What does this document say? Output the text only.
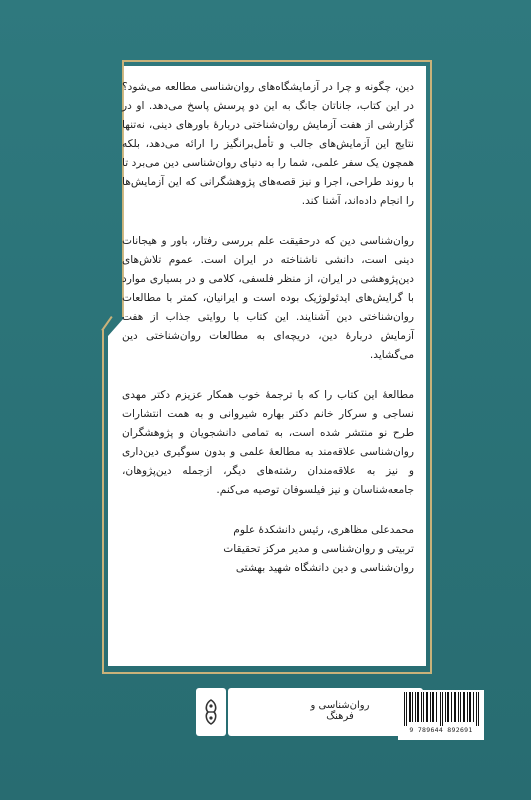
دین، چگونه و چرا در آزمایشگاه‌های روان‌شناسی مطالعه می‌شود؟ در این کتاب، جاناتان جانگ به این دو پرسش پاسخ می‌دهد. او در گزارشی از هفت آزمایش روان‌شناختی دربارهٔ باورهای دینی، نه‌تنها نتایج این آزمایش‌های جالب و تأمل‌برانگیز را ارائه می‌دهد، بلکه همچون یک سفر علمی، شما را به دنیای روان‌شناسی دین می‌برد تا با روند طراحی، اجرا و نیز قصه‌های پژوهشگرانی که این آزمایش‌ها را انجام داده‌اند، آشنا کند.

روان‌شناسی دین که درحقیقت علم بررسی رفتار، باور و هیجانات دینی است، دانشی ناشناخته در ایران است. عموم تلاش‌های دین‌پژوهشی در ایران، از منظر فلسفی، کلامی و در بسیاری موارد با گرایش‌های ایدئولوژیک بوده است و ایرانیان، کمتر با مطالعات روان‌شناختی دین آشنایند. این کتاب با روایتی جذاب از هفت آزمایش دربارهٔ دین، دریچه‌ای به مطالعات روان‌شناختی دین می‌گشاید.

مطالعهٔ این کتاب را که با ترجمهٔ خوب همکار عزیزم دکتر مهدی نساجی و سرکار خانم دکتر بهاره شیروانی و به همت انتشارات طرح نو منتشر شده است، به تمامی دانشجویان و پژوهشگران روان‌شناسی علاقه‌مند به مطالعهٔ علمی و بدون سوگیری دین‌داری و نیز به علاقه‌مندان رشته‌های دیگر، ازجمله دین‌پژوهان، جامعه‌شناسان و نیز فیلسوفان توصیه می‌کنم.

محمدعلی مظاهری، رئیس دانشکدهٔ علوم
تربیتی و روان‌شناسی و مدیر مرکز تحقیقات
روان‌شناسی و دین دانشگاه شهید بهشتی

روان‌شناسی و فرهنگ
9 789644 892691
